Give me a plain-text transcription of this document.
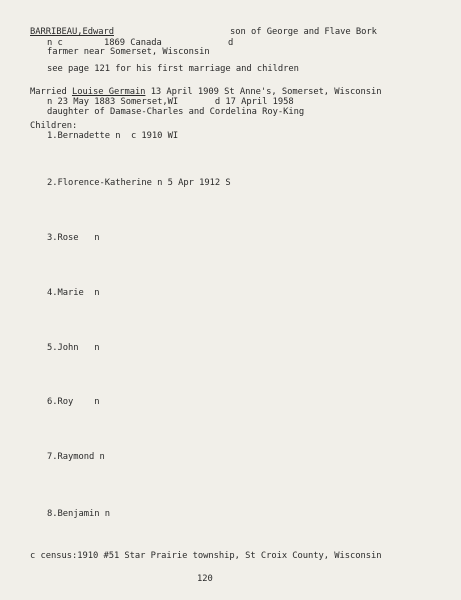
BARRIBEAU,Edward	son of George and Flave Bork
n c	1869 Canada	d
farmer near Somerset, Wisconsin
see page 121 for his first marriage and children
Married Louise Germain 13 April 1909 St Anne's, Somerset, Wisconsin
n 23 May 1883 Somerset,WI       d 17 April 1958
daughter of Damase-Charles and Cordelina Roy-King
Children:
1.Bernadette n  c 1910 WI
2.Florence-Katherine n 5 Apr 1912 S
3.Rose   n
4.Marie  n
5.John   n
6.Roy    n
7.Raymond n
8.Benjamin n
c census:1910 #51 Star Prairie township, St Croix County, Wisconsin
120
